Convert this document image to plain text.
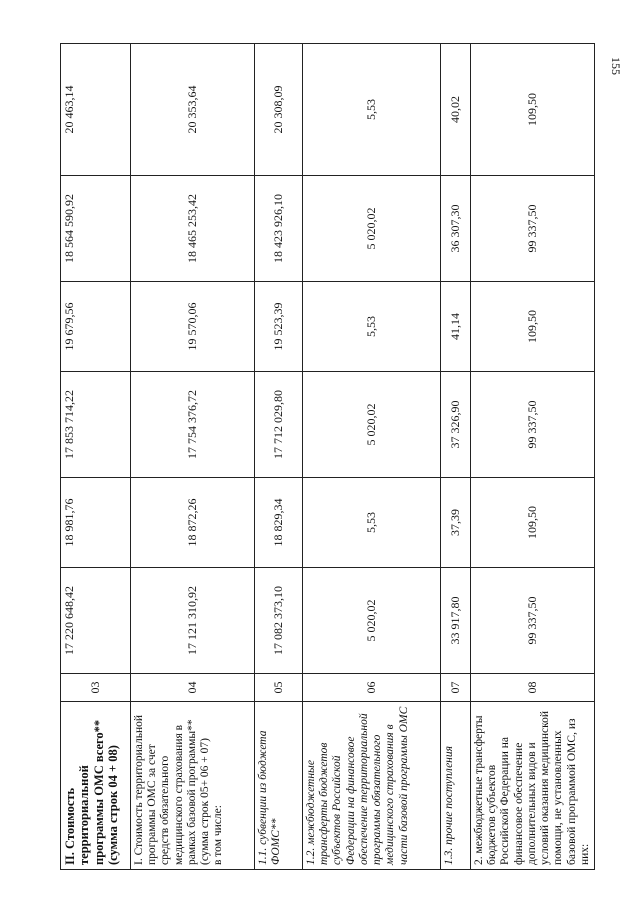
155
II. Стоимость территориальной программы ОМС всего** (сумма строк 04 + 08)	03	17 220 648,42	18 981,76	17 853 714,22	19 679,56	18 564 590,92	20 463,14

I. Стоимость территориальной программы ОМС за счет средств обязательного медицинского страхования в рамках базовой программы** (сумма строк 05+ 06 + 07) в том числе:	04	17 121 310,92	18 872,26	17 754 376,72	19 570,06	18 465 253,42	20 353,64
1.1. субвенции из бюджета ФОМС**	05	17 082 373,10	18 829,34	17 712 029,80	19 523,39	18 423 926,10	20 308,09
1.2. межбюджетные трансферты бюджетов субъектов Российской Федерации на финансовое обеспечение территориальной программы обязательного медицинского страхования в части базовой программы ОМС	06	5 020,02	5,53	5 020,02	5,53	5 020,02	5,53
1.3. прочие поступления	07	33 917,80	37,39	37 326,90	41,14	36 307,30	40,02
2. межбюджетные трансферты бюджетов субъектов Российской Федерации на финансовое обеспечение дополнительных видов и условий оказания медицинской помощи, не установленных базовой программой ОМС, из них:	08	99 337,50	109,50	99 337,50	109,50	99 337,50	109,50
